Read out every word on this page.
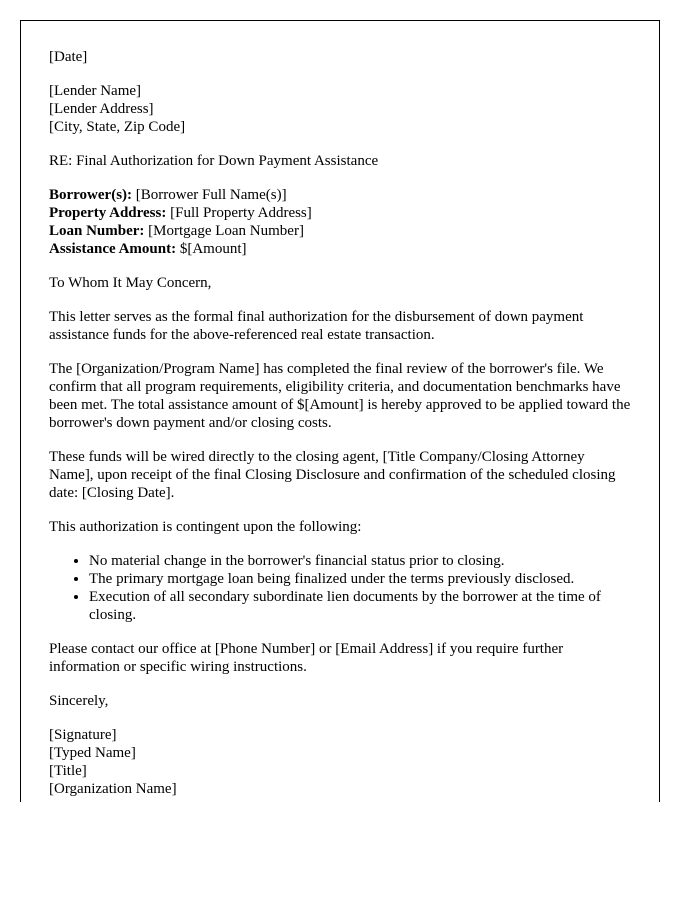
[Date]
[Lender Name]
[Lender Address]
[City, State, Zip Code]
RE: Final Authorization for Down Payment Assistance
Borrower(s): [Borrower Full Name(s)]
Property Address: [Full Property Address]
Loan Number: [Mortgage Loan Number]
Assistance Amount: $[Amount]

To Whom It May Concern,

This letter serves as the formal final authorization for the disbursement of down payment assistance funds for the above-referenced real estate transaction.

The [Organization/Program Name] has completed the final review of the borrower's file. We confirm that all program requirements, eligibility criteria, and documentation benchmarks have been met. The total assistance amount of $[Amount] is hereby approved to be applied toward the borrower's down payment and/or closing costs.

These funds will be wired directly to the closing agent, [Title Company/Closing Attorney Name], upon receipt of the final Closing Disclosure and confirmation of the scheduled closing date: [Closing Date].

This authorization is contingent upon the following:

• No material change in the borrower's financial status prior to closing.
• The primary mortgage loan being finalized under the terms previously disclosed.
• Execution of all secondary subordinate lien documents by the borrower at the time of closing.

Please contact our office at [Phone Number] or [Email Address] if you require further information or specific wiring instructions.

Sincerely,

[Signature]
[Typed Name]
[Title]
[Organization Name]
